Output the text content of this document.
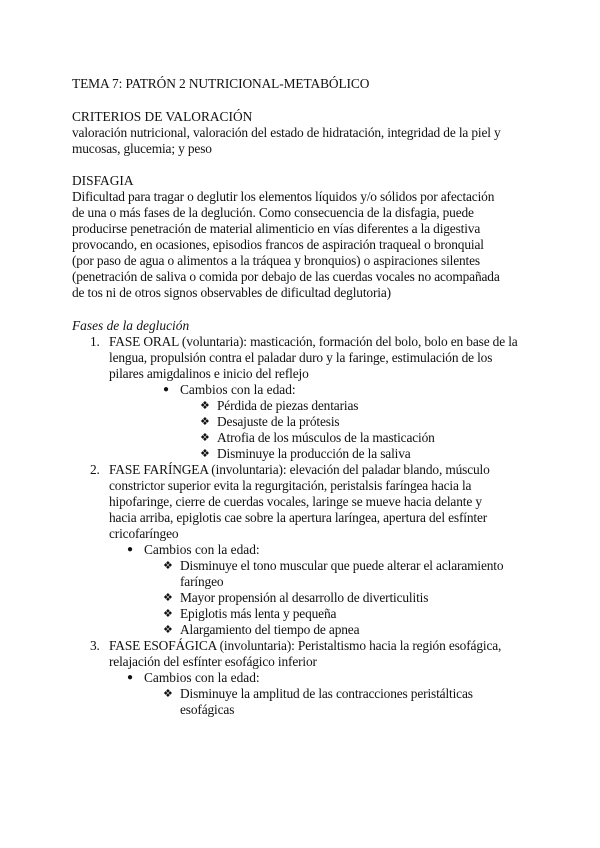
TEMA 7: PATRÓN 2 NUTRICIONAL-METABÓLICO
CRITERIOS DE VALORACIÓN

valoración nutricional, valoración del estado de hidratación, integridad de la piel y

mucosas, glucemia; y peso

DISFAGIA

Dificultad para tragar o deglutir los elementos líquidos y/o sólidos por afectación

de una o más fases de la deglución. Como consecuencia de la disfagia, puede

producirse penetración de material alimenticio en vías diferentes a la digestiva

provocando, en ocasiones, episodios francos de aspiración traqueal o bronquial

(por paso de agua o alimentos a la tráquea y bronquios) o aspiraciones silentes

(penetración de saliva o comida por debajo de las cuerdas vocales no acompañada

de tos ni de otros signos observables de dificultad deglutoria)

Fases de la deglución

1. FASE ORAL (voluntaria): masticación, formación del bolo, bolo en base de la

lengua, propulsión contra el paladar duro y la faringe, estimulación de los

pilares amigdalinos e inicio del reflejo

● Cambios con la edad:

❖ Pérdida de piezas dentarias

❖ Desajuste de la prótesis

❖ Atrofia de los músculos de la masticación

❖ Disminuye la producción de la saliva

2. FASE FARÍNGEA (involuntaria): elevación del paladar blando, músculo

constrictor superior evita la regurgitación, peristalsis faríngea hacia la

hipofaringe, cierre de cuerdas vocales, laringe se mueve hacia delante y

hacia arriba, epiglotis cae sobre la apertura laríngea, apertura del esfínter

cricofaríngeo

● Cambios con la edad:

❖ Disminuye el tono muscular que puede alterar el aclaramiento

faríngeo

❖ Mayor propensión al desarrollo de diverticulitis

❖ Epiglotis más lenta y pequeña

❖ Alargamiento del tiempo de apnea

3. FASE ESOFÁGICA (involuntaria): Peristaltismo hacia la región esofágica,

relajación del esfínter esofágico inferior

● Cambios con la edad:

❖ Disminuye la amplitud de las contracciones peristálticas

esofágicas
